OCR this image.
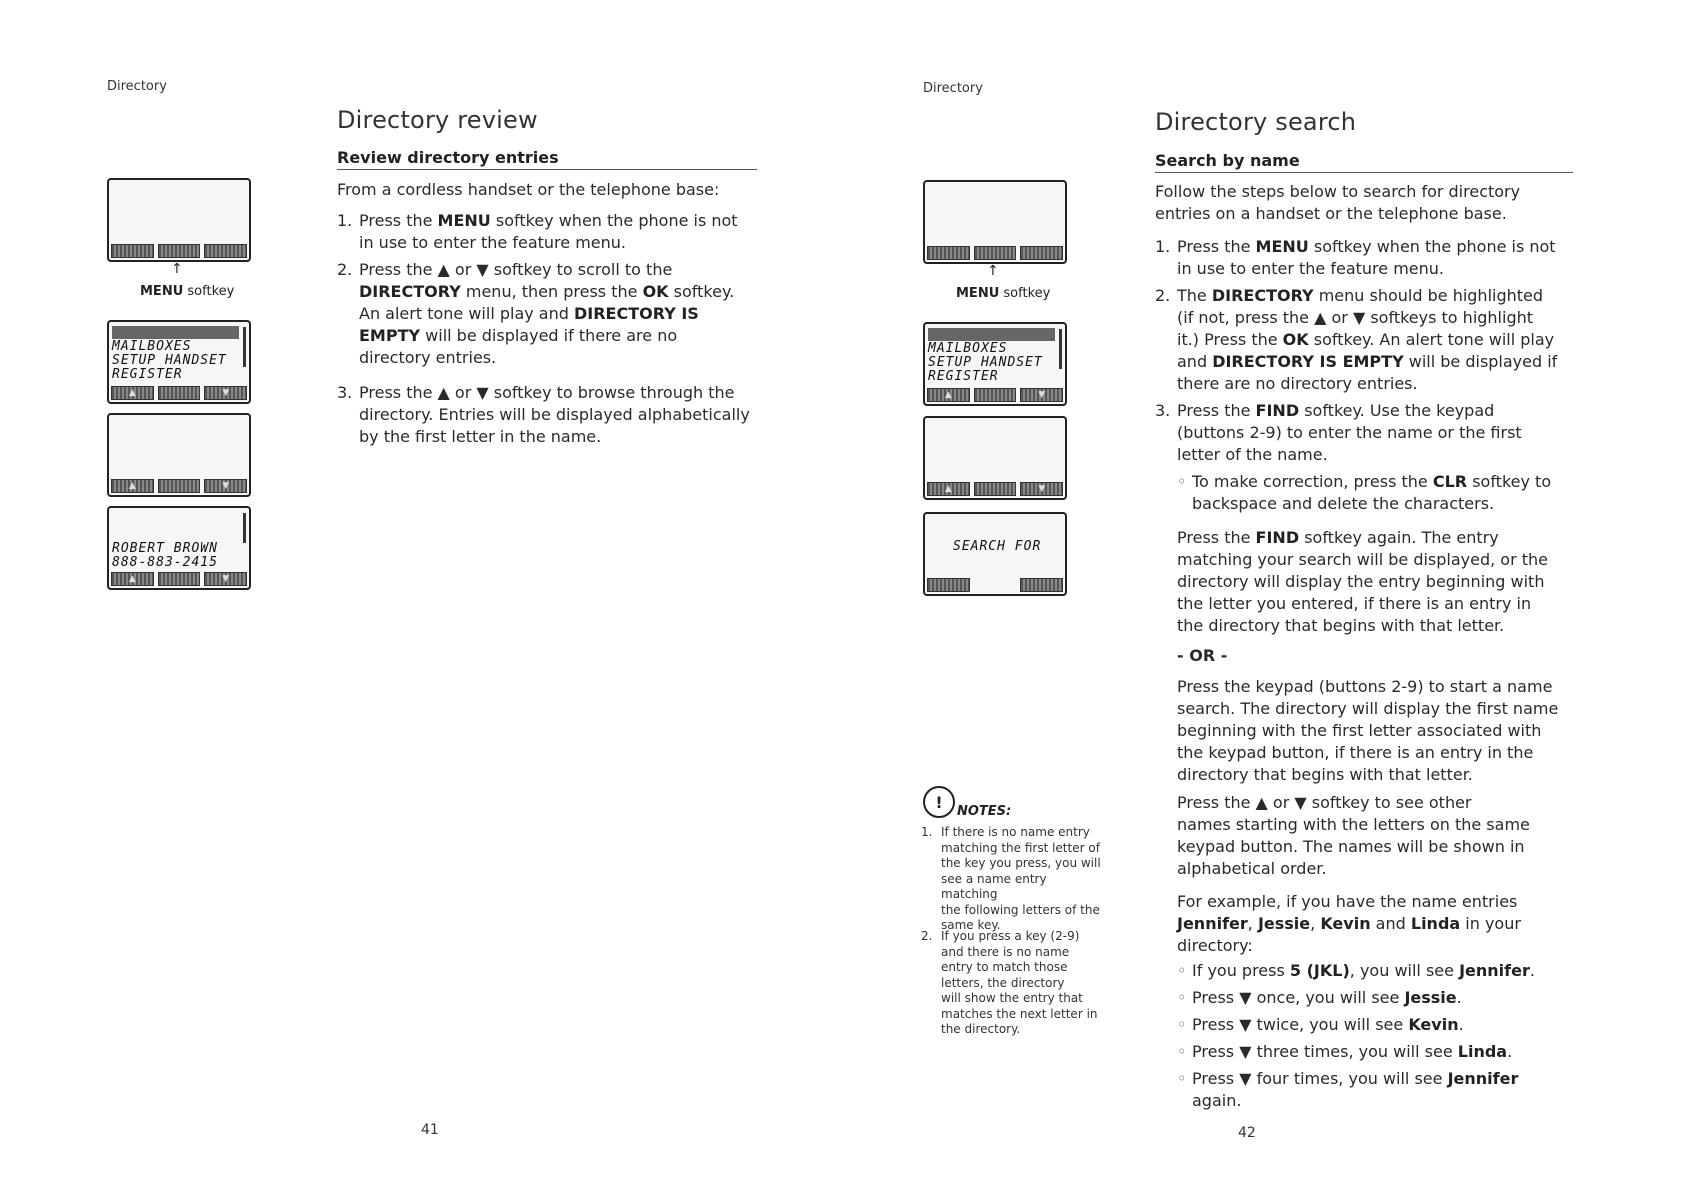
Directory
Directory review
Review directory entries
From a cordless handset or the telephone base:
1. Press the MENU softkey when the phone is not
in use to enter the feature menu.
2. Press the ▲ or ▼ softkey to scroll to the
DIRECTORY menu, then press the OK softkey.
An alert tone will play and DIRECTORY IS
EMPTY will be displayed if there are no
directory entries.
3. Press the ▲ or ▼ softkey to browse through the
directory. Entries will be displayed alphabetically
by the first letter in the name.
↑
MENU softkey
MAILBOXES
SETUP HANDSET
REGISTER
▲	▼
▲	▼
ROBERT BROWN
888-883-2415
▲	▼
41
Directory
Directory search
Search by name
Follow the steps below to search for directory
entries on a handset or the telephone base.
1. Press the MENU softkey when the phone is not
in use to enter the feature menu.
2. The DIRECTORY menu should be highlighted
(if not, press the ▲ or ▼ softkeys to highlight
it.) Press the OK softkey. An alert tone will play
and DIRECTORY IS EMPTY will be displayed if
there are no directory entries.
3. Press the FIND softkey. Use the keypad
(buttons 2-9) to enter the name or the first
letter of the name.
◦ To make correction, press the CLR softkey to
backspace and delete the characters.
Press the FIND softkey again. The entry
matching your search will be displayed, or the
directory will display the entry beginning with
the letter you entered, if there is an entry in
the directory that begins with that letter.
- OR -
Press the keypad (buttons 2-9) to start a name
search. The directory will display the first name
beginning with the first letter associated with
the keypad button, if there is an entry in the
directory that begins with that letter.
Press the ▲ or ▼ softkey to see other
names starting with the letters on the same
keypad button. The names will be shown in
alphabetical order.
For example, if you have the name entries
Jennifer, Jessie, Kevin and Linda in your
directory:
◦ If you press 5 (JKL), you will see Jennifer.
◦ Press ▼ once, you will see Jessie.
◦ Press ▼ twice, you will see Kevin.
◦ Press ▼ three times, you will see Linda.
◦ Press ▼ four times, you will see Jennifer
again.
↑
MENU softkey
MAILBOXES
SETUP HANDSET
REGISTER
▲	▼
▲	▼
SEARCH FOR
!	NOTES:
1. If there is no name entry
matching the first letter of
the key you press, you will
see a name entry matching
the following letters of the
same key.
2. If you press a key (2-9)
and there is no name
entry to match those
letters, the directory
will show the entry that
matches the next letter in
the directory.
42
